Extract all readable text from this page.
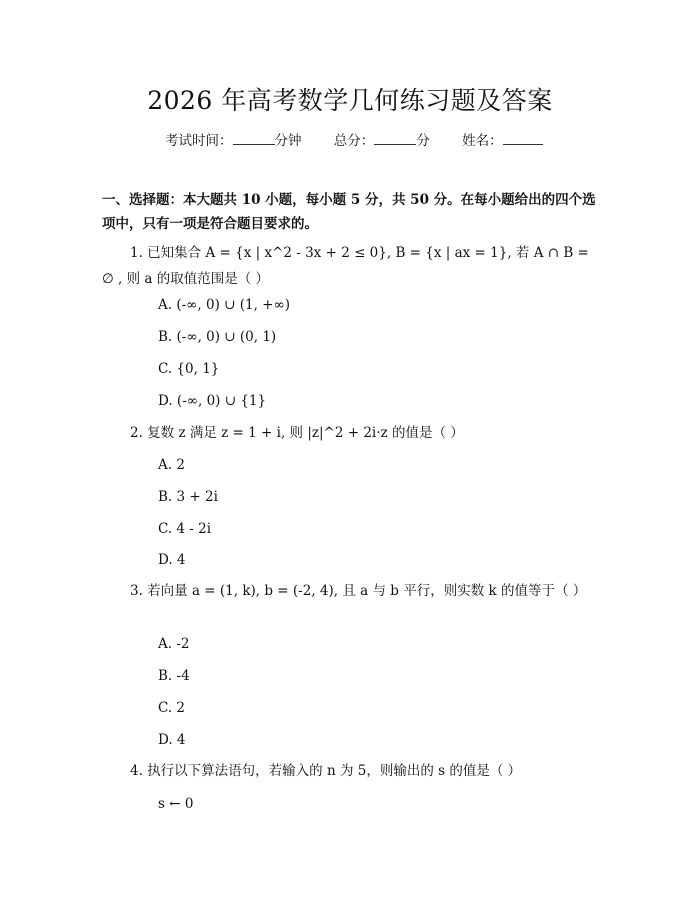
2026 年高考数学几何练习题及答案
考试时间：	分钟 总分：	分 姓名：
一、选择题：本大题共 10 小题，每小题 5 分，共 50 分。在每小题给出的四个选项中，只有一项是符合题目要求的。
1. 已知集合 A = {x | x^2 - 3x + 2 ≤ 0}, B = {x | ax = 1}, 若 A ∩ B = ∅ , 则 a 的取值范围是（ ）
A. (-∞, 0) ∪ (1, +∞)
B. (-∞, 0) ∪ (0, 1)
C. {0, 1}
D. (-∞, 0) ∪ {1}
2. 复数 z 满足 z = 1 + i, 则 |z|^2 + 2i·z 的值是（ ）
A. 2
B. 3 + 2i
C. 4 - 2i
D. 4
3. 若向量 a = (1, k), b = (-2, 4), 且 a 与 b 平行，则实数 k 的值等于（ ）
A. -2
B. -4
C. 2
D. 4
4. 执行以下算法语句，若输入的 n 为 5，则输出的 s 的值是（ ）
s ← 0
